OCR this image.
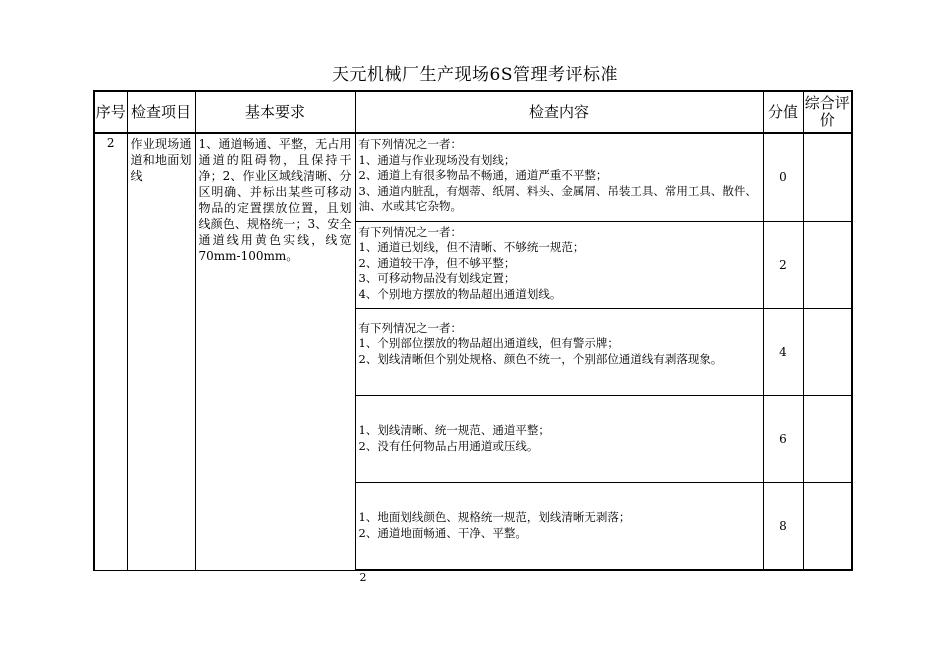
天元机械厂生产现场6S管理考评标准
序号	检查项目	基本要求	检查内容	分值	综合评价
2	作业现场通道和地面划线	1、通道畅通、平整，无占用通道的阻碍物，且保持干净；2、作业区域线清晰、分区明确、并标出某些可移动物品的定置摆放位置，且划线颜色、规格统一；3、安全通道线用黄色实线，线宽70mm-100mm。	有下列情况之一者：
1、通道与作业现场没有划线；
2、通道上有很多物品不畅通，通道严重不平整；
3、通道内脏乱，有烟蒂、纸屑、料头、金属屑、吊装工具、常用工具、散件、油、水或其它杂物。	0	

			有下列情况之一者：
1、通道已划线，但不清晰、不够统一规范；
2、通道较干净，但不够平整；
3、可移动物品没有划线定置；
4、个别地方摆放的物品超出通道划线。	2	

			有下列情况之一者：
1、个别部位摆放的物品超出通道线，但有警示牌；
2、划线清晰但个别处规格、颜色不统一，个别部位通道线有剥落现象。	4	

			1、划线清晰、统一规范、通道平整；
2、没有任何物品占用通道或压线。	6	

			1、地面划线颜色、规格统一规范，划线清晰无剥落；
2、通道地面畅通、干净、平整。	8	
2
